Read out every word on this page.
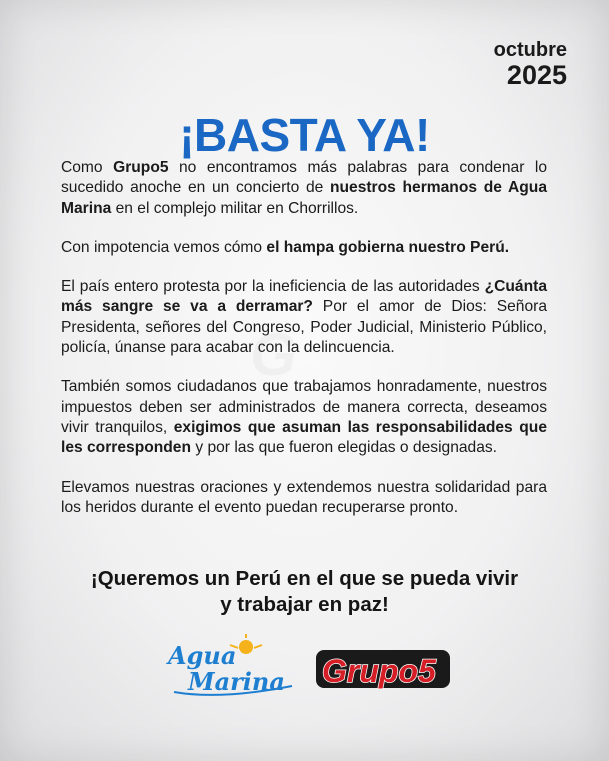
octubre
2025
¡BASTA YA!

Como Grupo5 no encontramos más palabras para condenar lo sucedido anoche en un concierto de nuestros hermanos de Agua Marina en el complejo militar en Chorrillos.

Con impotencia vemos cómo el hampa gobierna nuestro Perú.

El país entero protesta por la ineficiencia de las autoridades ¿Cuánta más sangre se va a derramar? Por el amor de Dios: Señora Presidenta, señores del Congreso, Poder Judicial, Ministerio Público, policía, únanse para acabar con la delincuencia.

También somos ciudadanos que trabajamos honradamente, nuestros impuestos deben ser administrados de manera correcta, deseamos vivir tranquilos, exigimos que asuman las responsabilidades que les corresponden y por las que fueron elegidas o designadas.

Elevamos nuestras oraciones y extendemos nuestra solidaridad para los heridos durante el evento puedan recuperarse pronto.

¡Queremos un Perú en el que se pueda vivir
y trabajar en paz!
Agua
Marina Grupo5
